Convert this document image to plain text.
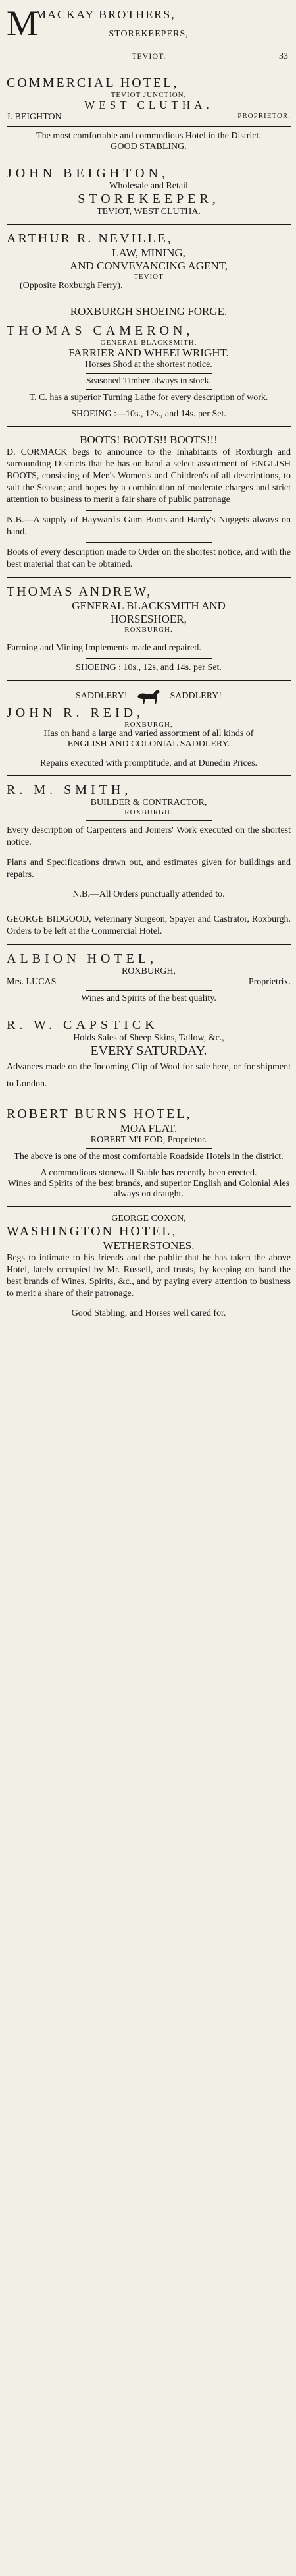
M
MACKAY BROTHERS,
STOREKEEPERS,
TEVIOT.	33
COMMERCIAL HOTEL,
TEVIOT JUNCTION,
WEST CLUTHA.
J. BEIGHTON	PROPRIETOR.
The most comfortable and commodious Hotel in the District.
GOOD STABLING.
JOHN BEIGHTON,
Wholesale and Retail
STOREKEEPER,
TEVIOT, WEST CLUTHA.
ARTHUR R. NEVILLE,
LAW, MINING,
AND CONVEYANCING AGENT,
TEVIOT
(Opposite Roxburgh Ferry).
ROXBURGH SHOEING FORGE.
THOMAS CAMERON,
GENERAL BLACKSMITH,
FARRIER AND WHEELWRIGHT.
Horses Shod at the shortest notice.
Seasoned Timber always in stock.
T. C. has a superior Turning Lathe for every description of work.
SHOEING :—10s., 12s., and 14s. per Set.
BOOTS! BOOTS!! BOOTS!!!
D. CORMACK begs to announce to the Inhabitants of Roxburgh and surrounding Districts that he has on hand a select assortment of ENGLISH BOOTS, consisting of Men's Women's and Children's of all descriptions, to suit the Season; and hopes by a combination of moderate charges and strict attention to business to merit a fair share of public patronage
N.B.—A supply of Hayward's Gum Boots and Hardy's Nuggets always on hand.
Boots of every description made to Order on the shortest notice, and with the best material that can be obtained.
THOMAS ANDREW,
GENERAL BLACKSMITH AND
HORSESHOER,
ROXBURGH.
Farming and Mining Implements made and repaired.
SHOEING : 10s., 12s, and 14s. per Set.
SADDLERY!	SADDLERY!
JOHN R. REID,
ROXBURGH,
Has on hand a large and varied assortment of all kinds of
ENGLISH AND COLONIAL SADDLERY.
Repairs executed with promptitude, and at Dunedin Prices.
R. M. SMITH,
BUILDER & CONTRACTOR,
ROXBURGH.
Every description of Carpenters and Joiners' Work executed on the shortest notice.
Plans and Specifications drawn out, and estimates given for buildings and repairs.
N.B.—All Orders punctually attended to.
GEORGE BIDGOOD, Veterinary Surgeon, Spayer and Castrator, Roxburgh. Orders to be left at the Commercial Hotel.
ALBION HOTEL,
ROXBURGH,
Mrs. LUCAS	Proprietrix.
Wines and Spirits of the best quality.
R. W. CAPSTICK
Holds Sales of Sheep Skins, Tallow, &c.,
EVERY SATURDAY.
Advances made on the Incoming Clip of Wool for sale here, or for shipment to London.
ROBERT BURNS HOTEL,
MOA FLAT.
ROBERT M'LEOD, Proprietor.
The above is one of the most comfortable Roadside Hotels in the district.
A commodious stonewall Stable has recently been erected.
Wines and Spirits of the best brands, and superior English and Colonial Ales always on draught.
GEORGE COXON,
WASHINGTON HOTEL,
WETHERSTONES.
Begs to intimate to his friends and the public that he has taken the above Hotel, lately occupied by Mr. Russell, and trusts, by keeping on hand the best brands of Wines, Spirits, &c., and by paying every attention to business to merit a share of their patronage.
Good Stabling, and Horses well cared for.
